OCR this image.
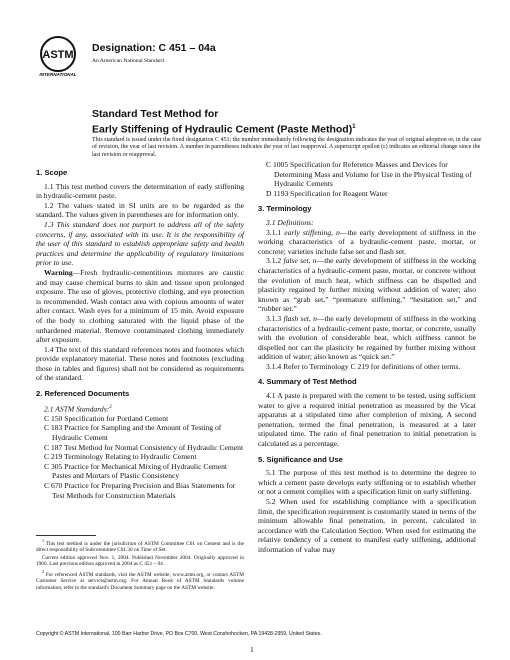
ASTM
INTERNATIONAL
Designation: C 451 – 04a
An American National Standard
Standard Test Method for
Early Stiffening of Hydraulic Cement (Paste Method)$^1$
This standard is issued under the fixed designation C 451; the number immediately following the designation indicates the year of original adoption or, in the case of revision, the year of last revision. A number in parentheses indicates the year of last reapproval. A superscript epsilon (ε) indicates an editorial change since the last revision or reapproval.
1. Scope

1.1 This test method covers the determination of early stiffening in hydraulic-cement paste.

1.2 The values stated in SI units are to be regarded as the standard. The values given in parentheses are for information only.

1.3 This standard does not purport to address all of the safety concerns, if any, associated with its use. It is the responsibility of the user of this standard to establish appropriate safety and health practices and determine the applicability of regulatory limitations prior to use.

Warning—Fresh hydraulic-cementitious mixtures are caustic and may cause chemical burns to skin and tissue upon prolonged exposure. The use of gloves, protective clothing, and eye protection is recommended. Wash contact area with copious amounts of water after contact. Wash eyes for a minimum of 15 min. Avoid exposure of the body to clothing saturated with the liquid phase of the unhardened material. Remove contaminated clothing immediately after exposure.

1.4 The text of this standard references notes and footnotes which provide explanatory material. These notes and footnotes (excluding those in tables and figures) shall not be considered as requirements of the standard.

2. Referenced Documents

2.1 ASTM Standards:$^2$

C 150 Specification for Portland Cement

C 183 Practice for Sampling and the Amount of Testing of Hydraulic Cement

C 187 Test Method for Normal Consistency of Hydraulic Cement

C 219 Terminology Relating to Hydraulic Cement

C 305 Practice for Mechanical Mixing of Hydraulic Cement Pastes and Mortars of Plastic Consistency

C 670 Practice for Preparing Precision and Bias Statements for Test Methods for Construction Materials

$^1$ This test method is under the jurisdiction of ASTM Committee C01 on Cement and is the direct responsibility of Subcommittee C01.30 on Time of Set.

Current edition approved Nov. 1, 2004. Published November 2004. Originally approved in 1960. Last previous edition approved in 2004 as C 451 – 04.

$^2$ For referenced ASTM standards, visit the ASTM website, www.astm.org, or contact ASTM Customer Service at service@astm.org. For Annual Book of ASTM Standards volume information, refer to the standard's Document Summary page on the ASTM website.

C 1005 Specification for Reference Masses and Devices for Determining Mass and Volume for Use in the Physical Testing of Hydraulic Cements

D 1193 Specification for Reagent Water

3. Terminology

3.1 Definitions:

3.1.1 early stiffening, n—the early development of stiffness in the working characteristics of a hydraulic-cement paste, mortar, or concrete; varieties include false set and flash set.

3.1.2 false set, n—the early development of stiffness in the working characteristics of a hydraulic-cement paste, mortar, or concrete without the evolution of much heat, which stiffness can be dispelled and plasticity regained by further mixing without addition of water; also known as “grab set,” “premature stiffening,” “hesitation set,” and “rubber set.”

3.1.3 flash set, n—the early development of stiffness in the working characteristics of a hydraulic-cement paste, mortar, or concrete, usually with the evolution of considerable heat, which stiffness cannot be dispelled nor can the plasticity be regained by further mixing without addition of water; also known as “quick set.”

3.1.4 Refer to Terminology C 219 for definitions of other terms.

4. Summary of Test Method

4.1 A paste is prepared with the cement to be tested, using sufficient water to give a required initial penetration as measured by the Vicat apparatus at a stipulated time after completion of mixing. A second penetration, termed the final penetration, is measured at a later stipulated time. The ratio of final penetration to initial penetration is calculated as a percentage.

5. Significance and Use

5.1 The purpose of this test method is to determine the degree to which a cement paste develops early stiffening or to establish whether or not a cement complies with a specification limit on early stiffening.

5.2 When used for establishing compliance with a specification limit, the specification requirement is customarily stated in terms of the minimum allowable final penetration, in percent, calculated in accordance with the Calculation Section. When used for estimating the relative tendency of a cement to manifest early stiffening, additional information of value may

Copyright © ASTM International, 100 Barr Harbor Drive, PO Box C700, West Conshohocken, PA 19428-2959, United States.
1
